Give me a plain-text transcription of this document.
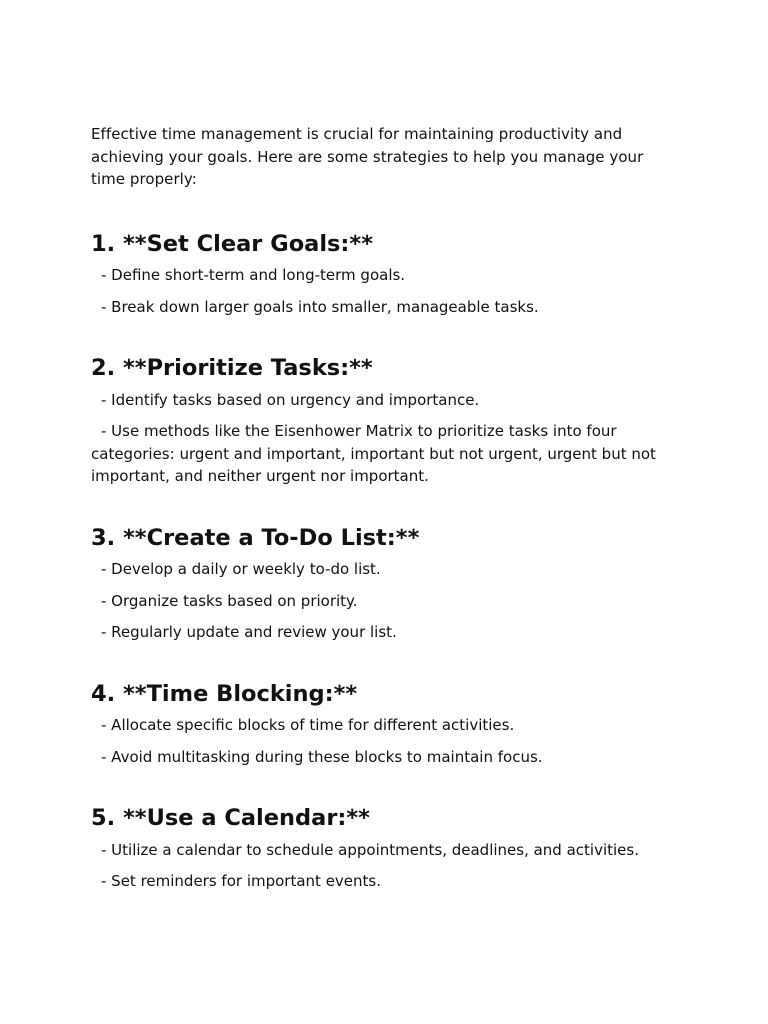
Effective time management is crucial for maintaining productivity and achieving your goals. Here are some strategies to help you manage your time properly:

1. **Set Clear Goals:**

- Define short-term and long-term goals.

- Break down larger goals into smaller, manageable tasks.

2. **Prioritize Tasks:**

- Identify tasks based on urgency and importance.

- Use methods like the Eisenhower Matrix to prioritize tasks into four categories: urgent and important, important but not urgent, urgent but not important, and neither urgent nor important.

3. **Create a To-Do List:**

- Develop a daily or weekly to-do list.

- Organize tasks based on priority.

- Regularly update and review your list.

4. **Time Blocking:**

- Allocate specific blocks of time for different activities.

- Avoid multitasking during these blocks to maintain focus.

5. **Use a Calendar:**

- Utilize a calendar to schedule appointments, deadlines, and activities.

- Set reminders for important events.
